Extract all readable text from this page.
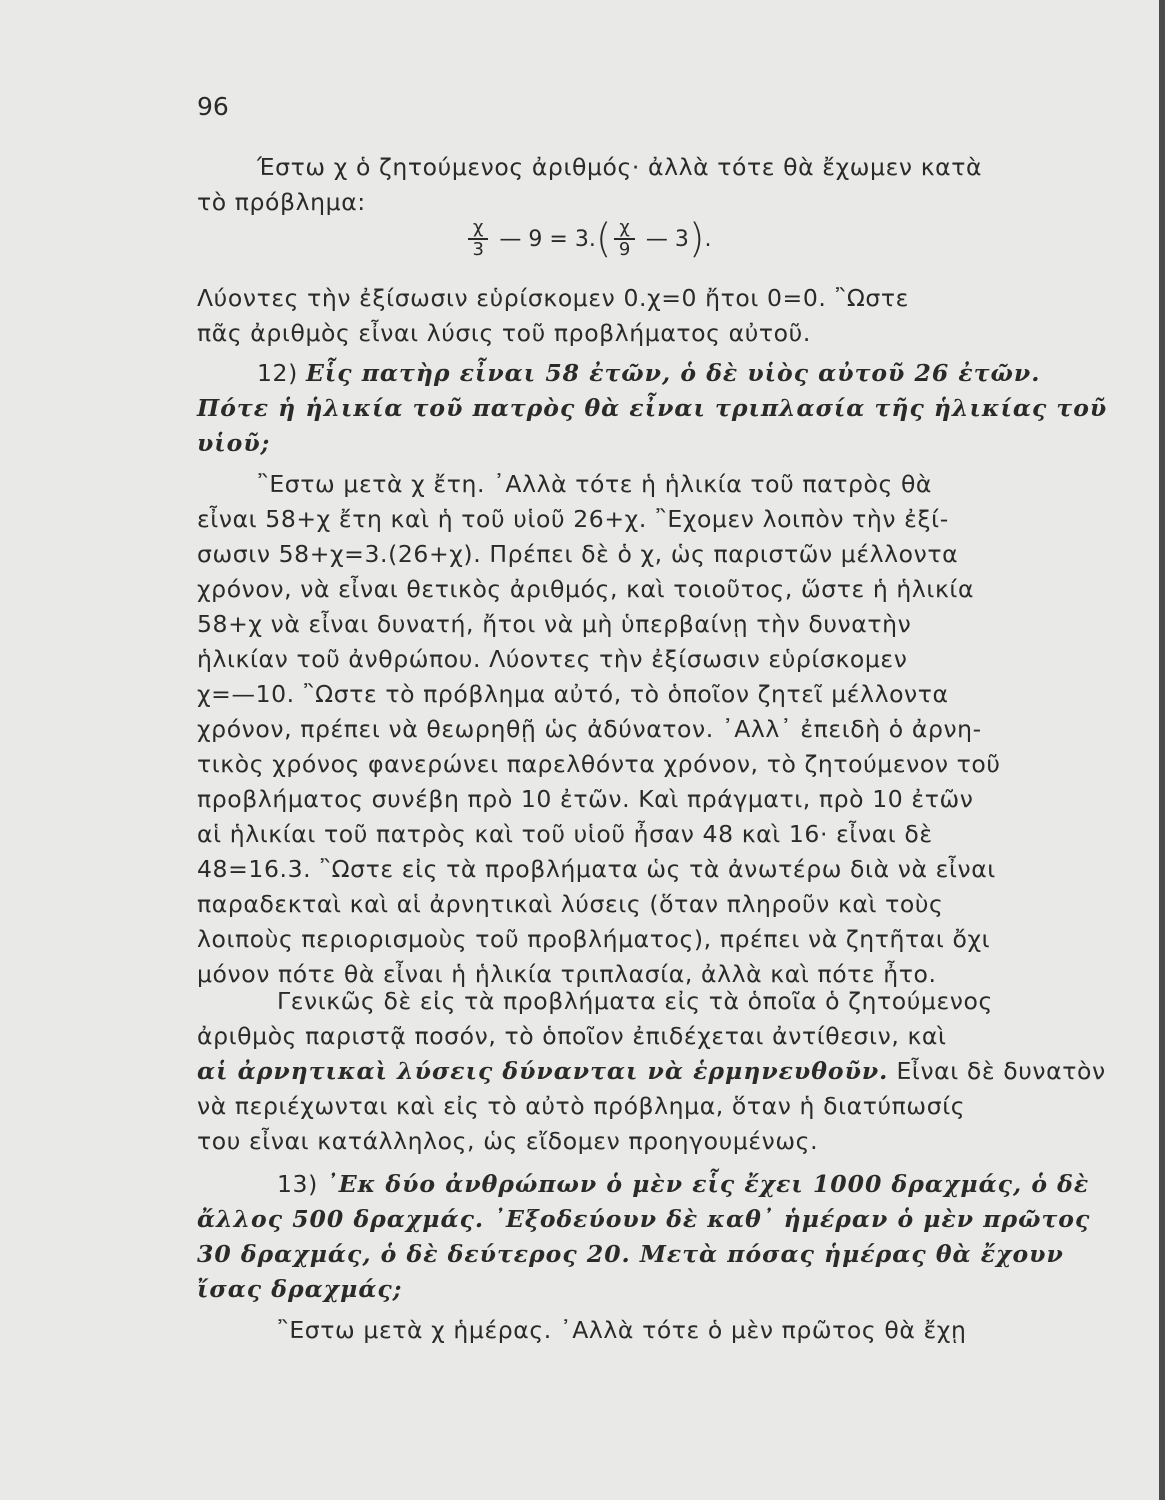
96
Έστω χ ὁ ζητούμενος ἀριθμός· ἀλλὰ τότε θὰ ἔχωμεν κατὰ
τὸ πρόβλημα:
$\frac{\chi}{3}$ — 9 = 3. ( $\frac{\chi}{9}$ — 3 ) .
Λύοντες τὴν ἐξίσωσιν εὑρίσκομεν 0.χ=0 ἤτοι 0=0. ῍Ωστε
πᾶς ἀριθμὸς εἶναι λύσις τοῦ προβλήματος αὐτοῦ.
12) Εἷς πατὴρ εἶναι 58 ἐτῶν, ὁ δὲ υἱὸς αὐτοῦ 26 ἐτῶν.
Πότε ἡ ἡλικία τοῦ πατρὸς θὰ εἶναι τριπλασία τῆς ἡλικίας τοῦ
υἱοῦ;
῍Εστω μετὰ χ ἔτη. ᾿Αλλὰ τότε ἡ ἡλικία τοῦ πατρὸς θὰ
εἶναι 58+χ ἔτη καὶ ἡ τοῦ υἱοῦ 26+χ. ῍Εχομεν λοιπὸν τὴν ἐξί-
σωσιν 58+χ=3.(26+χ). Πρέπει δὲ ὁ χ, ὡς παριστῶν μέλλοντα
χρόνον, νὰ εἶναι θετικὸς ἀριθμός, καὶ τοιοῦτος, ὥστε ἡ ἡλικία
58+χ νὰ εἶναι δυνατή, ἤτοι νὰ μὴ ὑπερβαίνῃ τὴν δυνατὴν
ἡλικίαν τοῦ ἀνθρώπου. Λύοντες τὴν ἐξίσωσιν εὑρίσκομεν
χ=—10. ῍Ωστε τὸ πρόβλημα αὐτό, τὸ ὁποῖον ζητεῖ μέλλοντα
χρόνον, πρέπει νὰ θεωρηθῇ ὡς ἀδύνατον. ᾿Αλλ᾿ ἐπειδὴ ὁ ἀρνη-
τικὸς χρόνος φανερώνει παρελθόντα χρόνον, τὸ ζητούμενον τοῦ
προβλήματος συνέβη πρὸ 10 ἐτῶν. Καὶ πράγματι, πρὸ 10 ἐτῶν
αἱ ἡλικίαι τοῦ πατρὸς καὶ τοῦ υἱοῦ ἦσαν 48 καὶ 16· εἶναι δὲ
48=16.3. ῍Ωστε εἰς τὰ προβλήματα ὡς τὰ ἀνωτέρω διὰ νὰ εἶναι
παραδεκταὶ καὶ αἱ ἀρνητικαὶ λύσεις (ὅταν πληροῦν καὶ τοὺς
λοιποὺς περιορισμοὺς τοῦ προβλήματος), πρέπει νὰ ζητῆται ὄχι
μόνον πότε θὰ εἶναι ἡ ἡλικία τριπλασία, ἀλλὰ καὶ πότε ἦτο.
Γενικῶς δὲ εἰς τὰ προβλήματα εἰς τὰ ὁποῖα ὁ ζητούμενος
ἀριθμὸς παριστᾷ ποσόν, τὸ ὁποῖον ἐπιδέχεται ἀντίθεσιν, καὶ
αἱ ἀρνητικαὶ λύσεις δύνανται νὰ ἑρμηνευθοῦν. Εἶναι δὲ δυνατὸν
νὰ περιέχωνται καὶ εἰς τὸ αὐτὸ πρόβλημα, ὅταν ἡ διατύπωσίς
του εἶναι κατάλληλος, ὡς εἴδομεν προηγουμένως.
13) ᾿Εκ δύο ἀνθρώπων ὁ μὲν εἷς ἔχει 1000 δραχμάς, ὁ δὲ
ἄλλος 500 δραχμάς. ᾿Εξοδεύουν δὲ καθ᾿ ἡμέραν ὁ μὲν πρῶτος
30 δραχμάς, ὁ δὲ δεύτερος 20. Μετὰ πόσας ἡμέρας θὰ ἔχουν
ἴσας δραχμάς;
῍Εστω μετὰ χ ἡμέρας. ᾿Αλλὰ τότε ὁ μὲν πρῶτος θὰ ἔχῃ
